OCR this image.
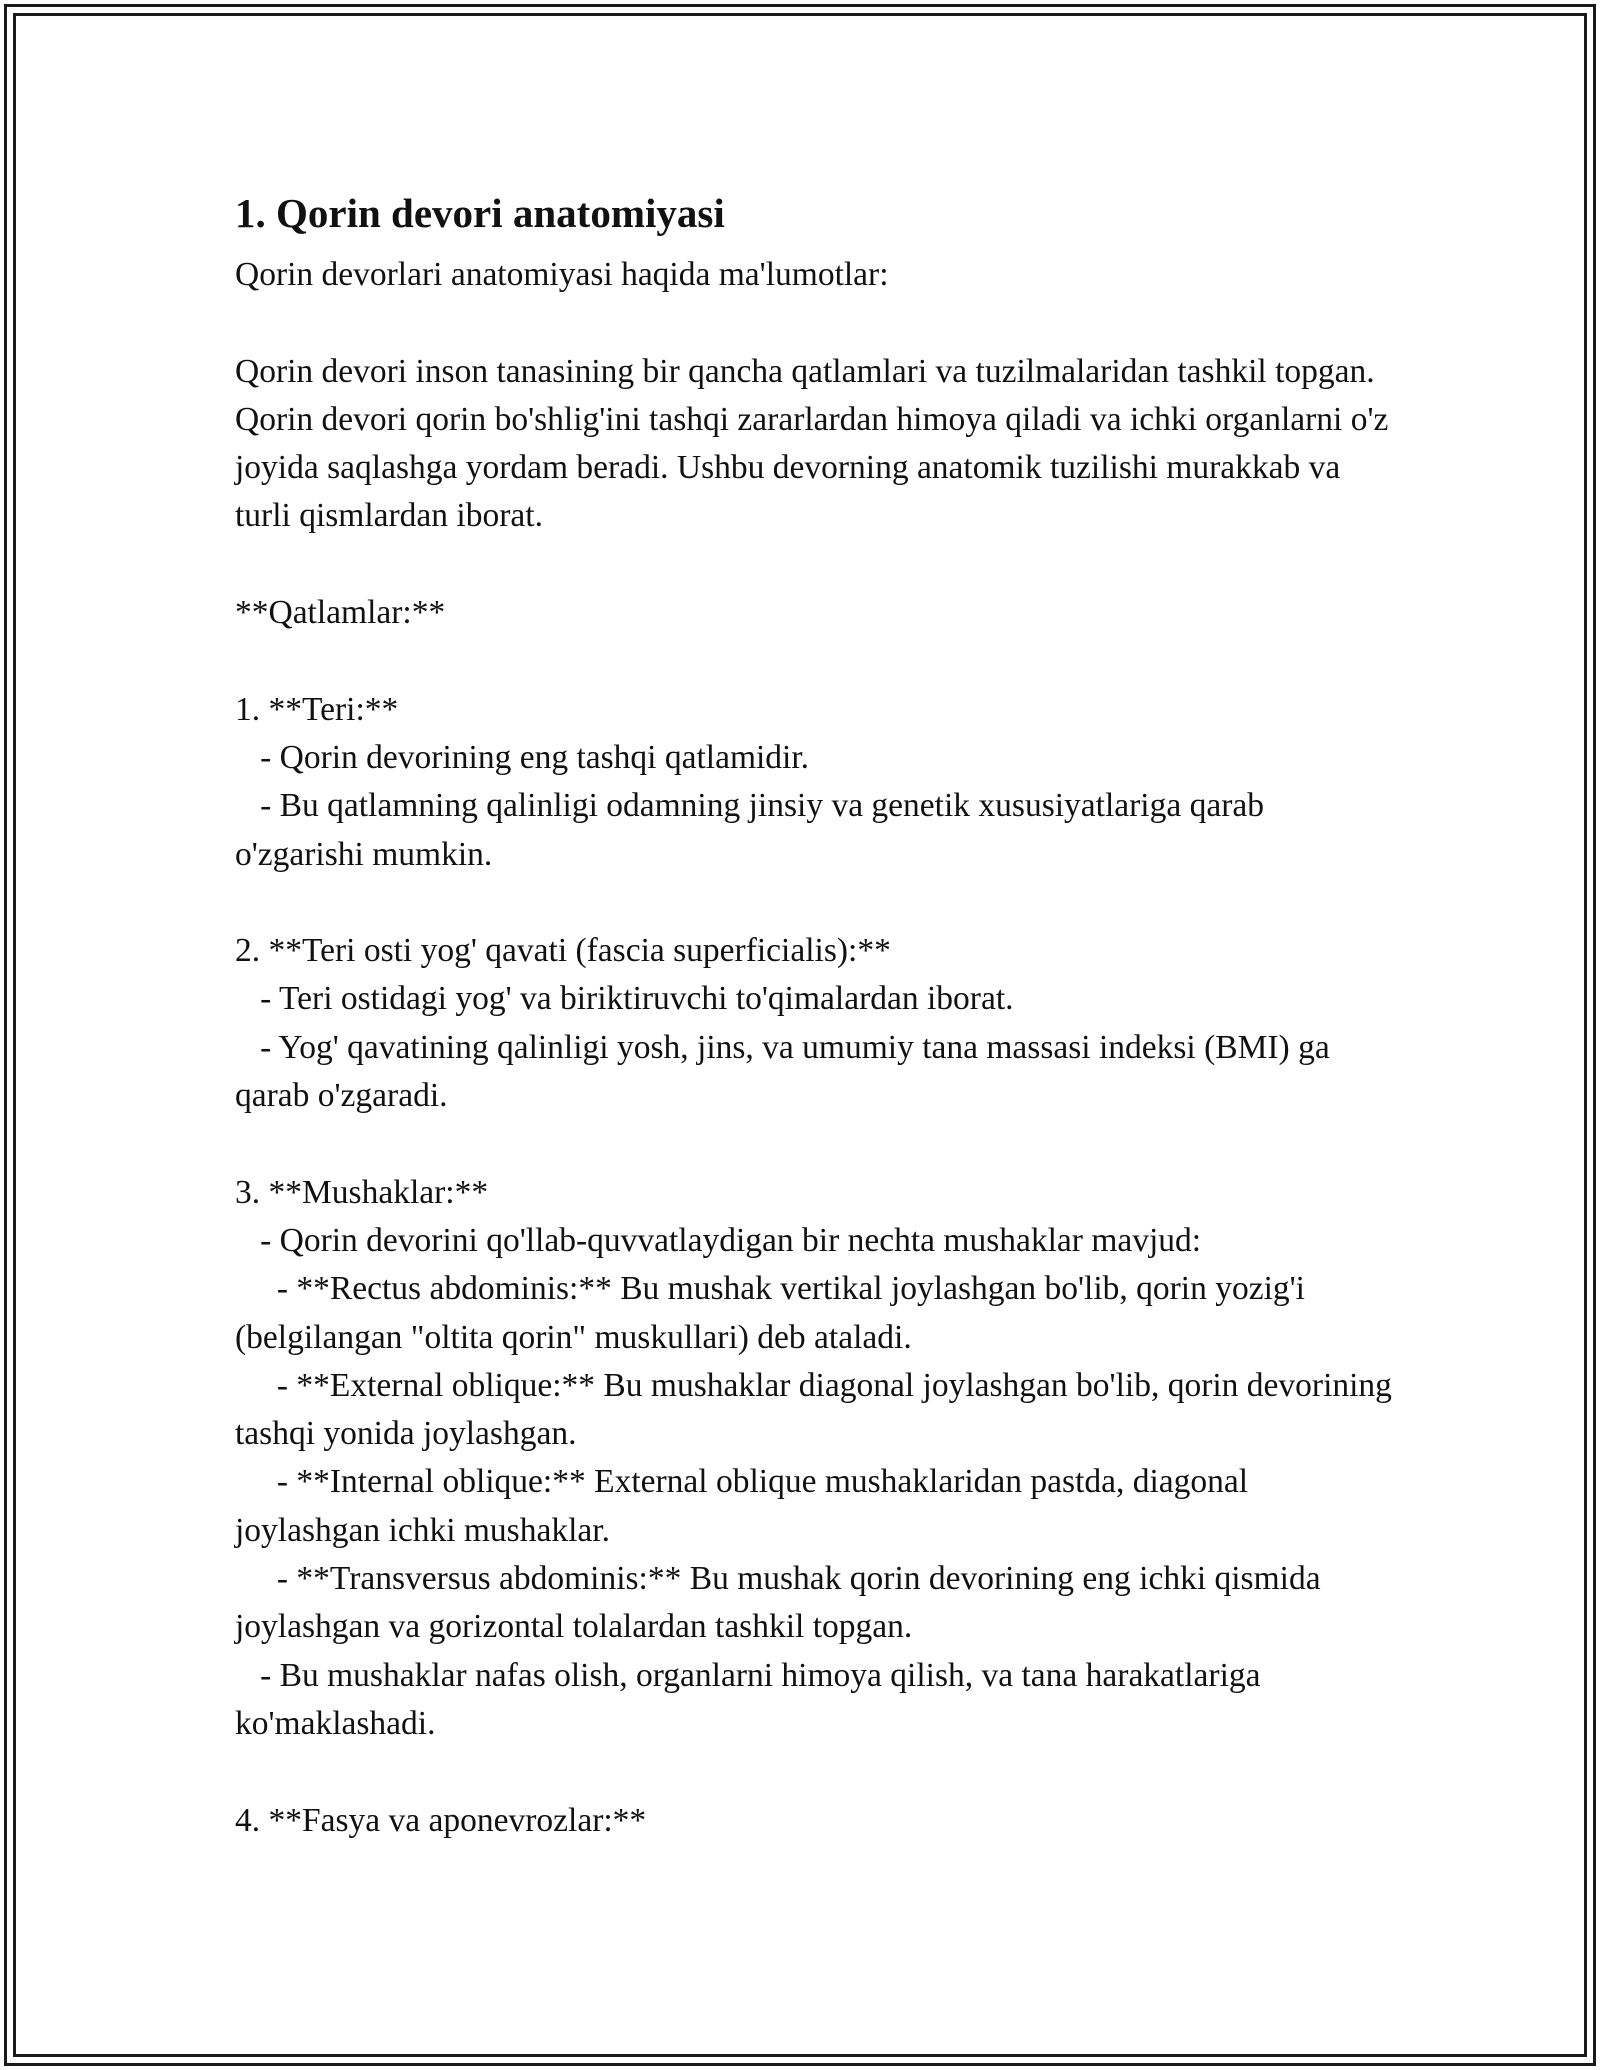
1. Qorin devori anatomiyasi

Qorin devorlari anatomiyasi haqida ma'lumotlar:

Qorin devori inson tanasining bir qancha qatlamlari va tuzilmalaridan tashkil topgan. Qorin devori qorin bo'shlig'ini tashqi zararlardan himoya qiladi va ichki organlarni o'z joyida saqlashga yordam beradi. Ushbu devorning anatomik tuzilishi murakkab va turli qismlardan iborat.

**Qatlamlar:**

1. **Teri:**
- Qorin devorining eng tashqi qatlamidir.
- Bu qatlamning qalinligi odamning jinsiy va genetik xususiyatlariga qarab o'zgarishi mumkin.

2. **Teri osti yog' qavati (fascia superficialis):**
- Teri ostidagi yog' va biriktiruvchi to'qimalardan iborat.
- Yog' qavatining qalinligi yosh, jins, va umumiy tana massasi indeksi (BMI) ga qarab o'zgaradi.

3. **Mushaklar:**
- Qorin devorini qo'llab-quvvatlaydigan bir nechta mushaklar mavjud:
- **Rectus abdominis:** Bu mushak vertikal joylashgan bo'lib, qorin yozig'i (belgilangan "oltita qorin" muskullari) deb ataladi.
- **External oblique:** Bu mushaklar diagonal joylashgan bo'lib, qorin devorining tashqi yonida joylashgan.
- **Internal oblique:** External oblique mushaklaridan pastda, diagonal joylashgan ichki mushaklar.
- **Transversus abdominis:** Bu mushak qorin devorining eng ichki qismida joylashgan va gorizontal tolalardan tashkil topgan.
- Bu mushaklar nafas olish, organlarni himoya qilish, va tana harakatlariga ko'maklashadi.

4. **Fasya va aponevrozlar:**
